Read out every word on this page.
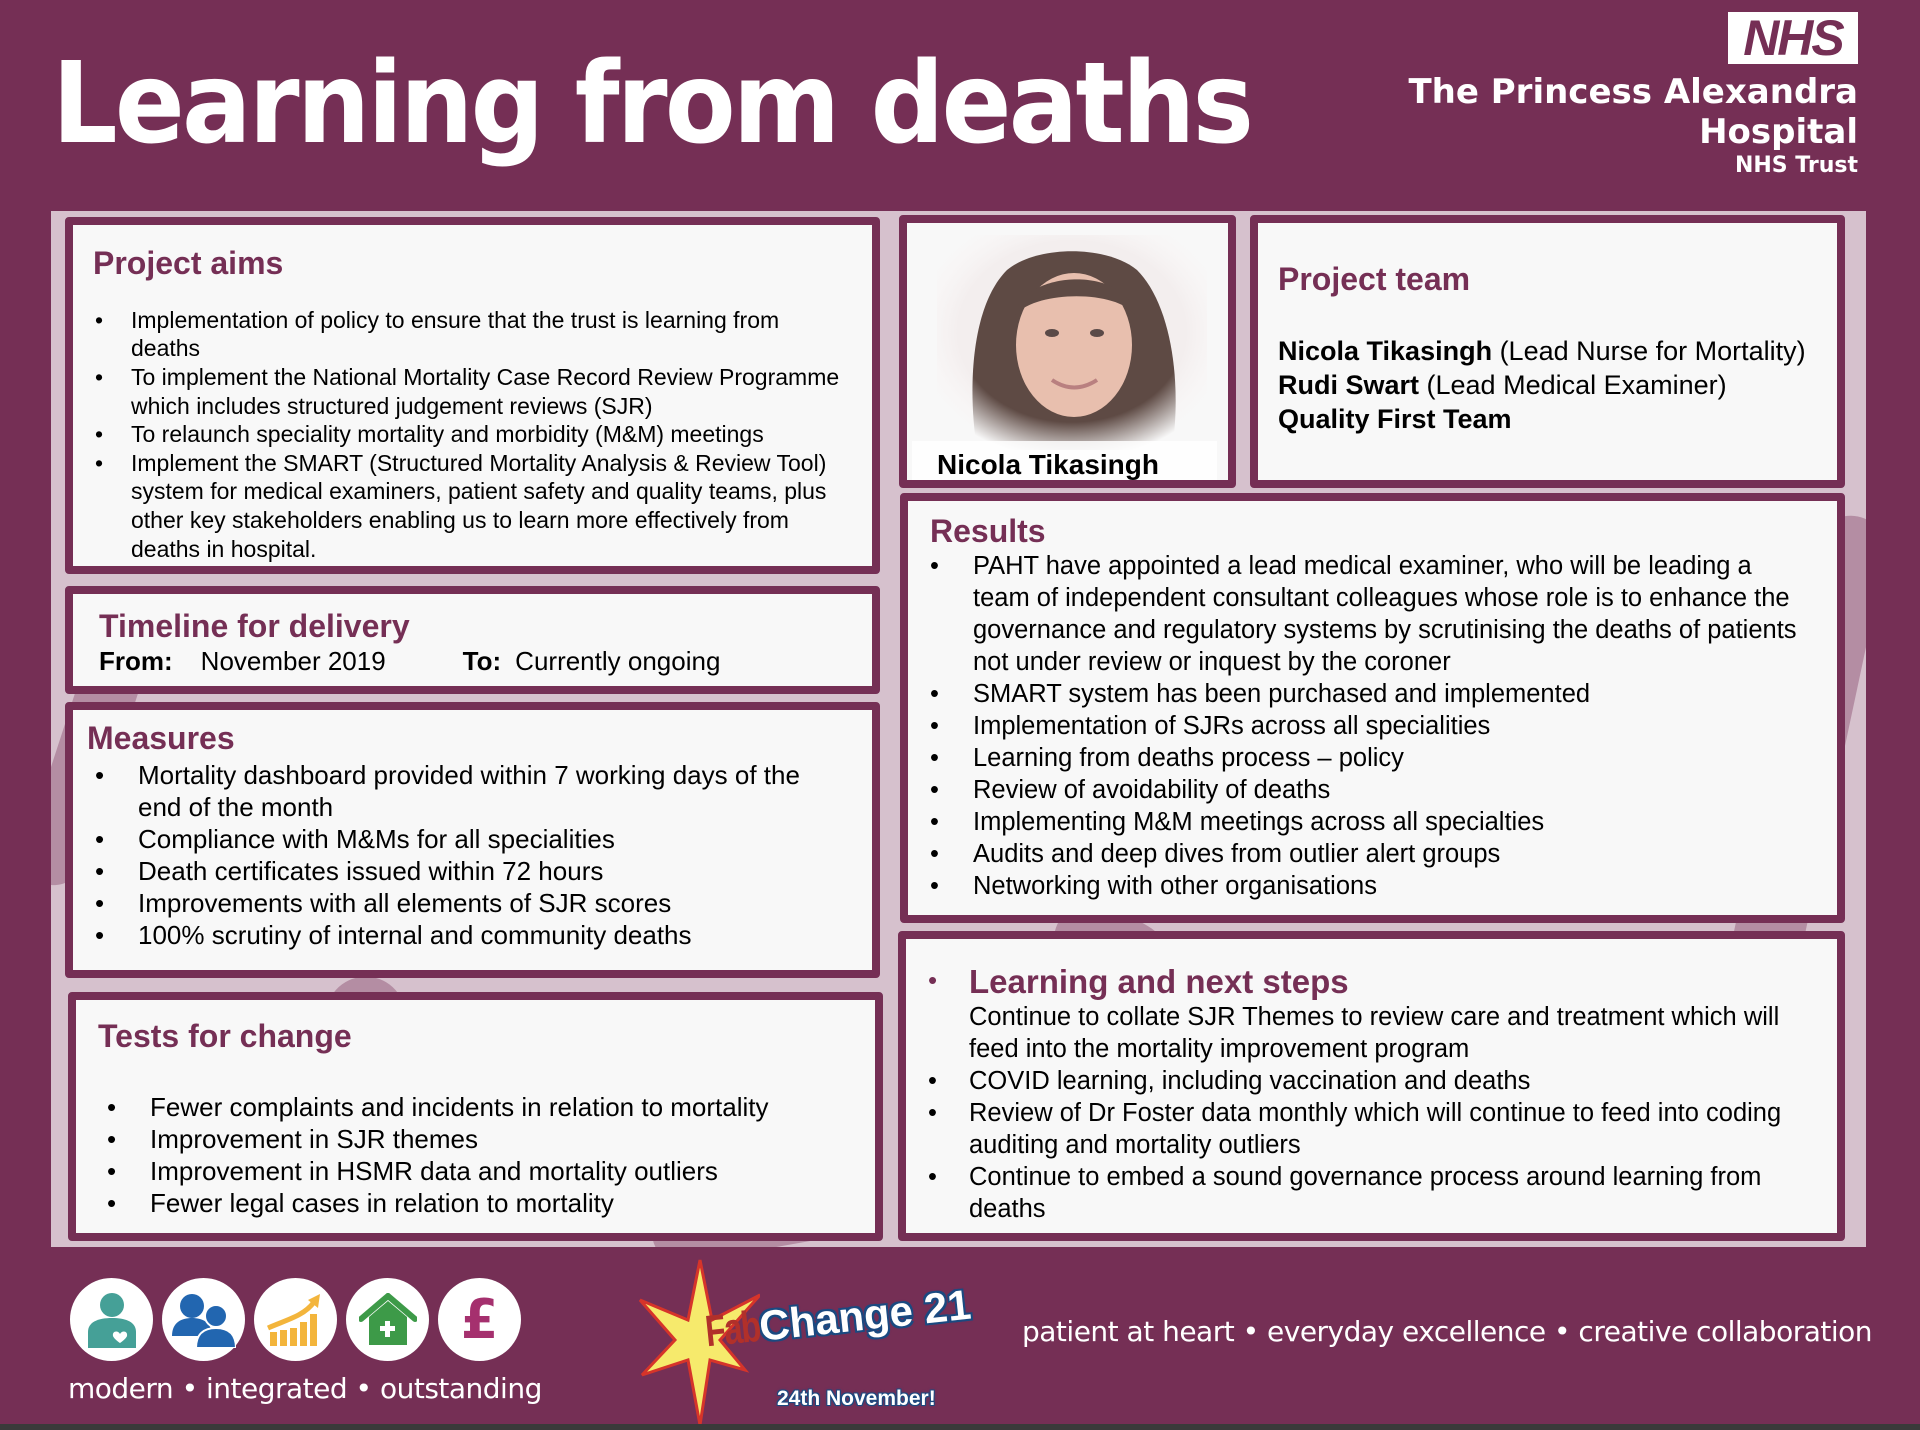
Learning from deaths
NHS
The Princess Alexandra
Hospital
NHS Trust
Project aims
• Implementation of policy to ensure that the trust is learning from deaths
• To implement the National Mortality Case Record Review Programme which includes structured judgement reviews (SJR)
• To relaunch speciality mortality and morbidity (M&M) meetings
• Implement the SMART (Structured Mortality Analysis & Review Tool) system for medical examiners, patient safety and quality teams, plus other key stakeholders enabling us to learn more effectively from deaths in hospital.
Timeline for delivery
From: November 2019	To: Currently ongoing
Measures
• Mortality dashboard provided within 7 working days of the end of the month
• Compliance with M&Ms for all specialities
• Death certificates issued within 72 hours
• Improvements with all elements of SJR scores
• 100% scrutiny of internal and community deaths
Tests for change
• Fewer complaints and incidents in relation to mortality
• Improvement in SJR themes
• Improvement in HSMR data and mortality outliers
• Fewer legal cases in relation to mortality
Nicola Tikasingh
Project team
Nicola Tikasingh (Lead Nurse for Mortality)
Rudi Swart (Lead Medical Examiner)
Quality First Team
Results
• PAHT have appointed a lead medical examiner, who will be leading a team of independent consultant colleagues whose role is to enhance the governance and regulatory systems by scrutinising the deaths of patients not under review or inquest by the coroner
• SMART system has been purchased and implemented
• Implementation of SJRs across all specialities
• Learning from deaths process – policy
• Review of avoidability of deaths
• Implementing M&M meetings across all specialties
• Audits and deep dives from outlier alert groups
• Networking with other organisations
• Learning and next steps
Continue to collate SJR Themes to review care and treatment which will feed into the mortality improvement program
• COVID learning, including vaccination and deaths
• Review of Dr Foster data monthly which will continue to feed into coding auditing and mortality outliers
• Continue to embed a sound governance process around learning from deaths
£
modern • integrated • outstanding
FabChange 21
24th November!
patient at heart • everyday excellence • creative collaboration
